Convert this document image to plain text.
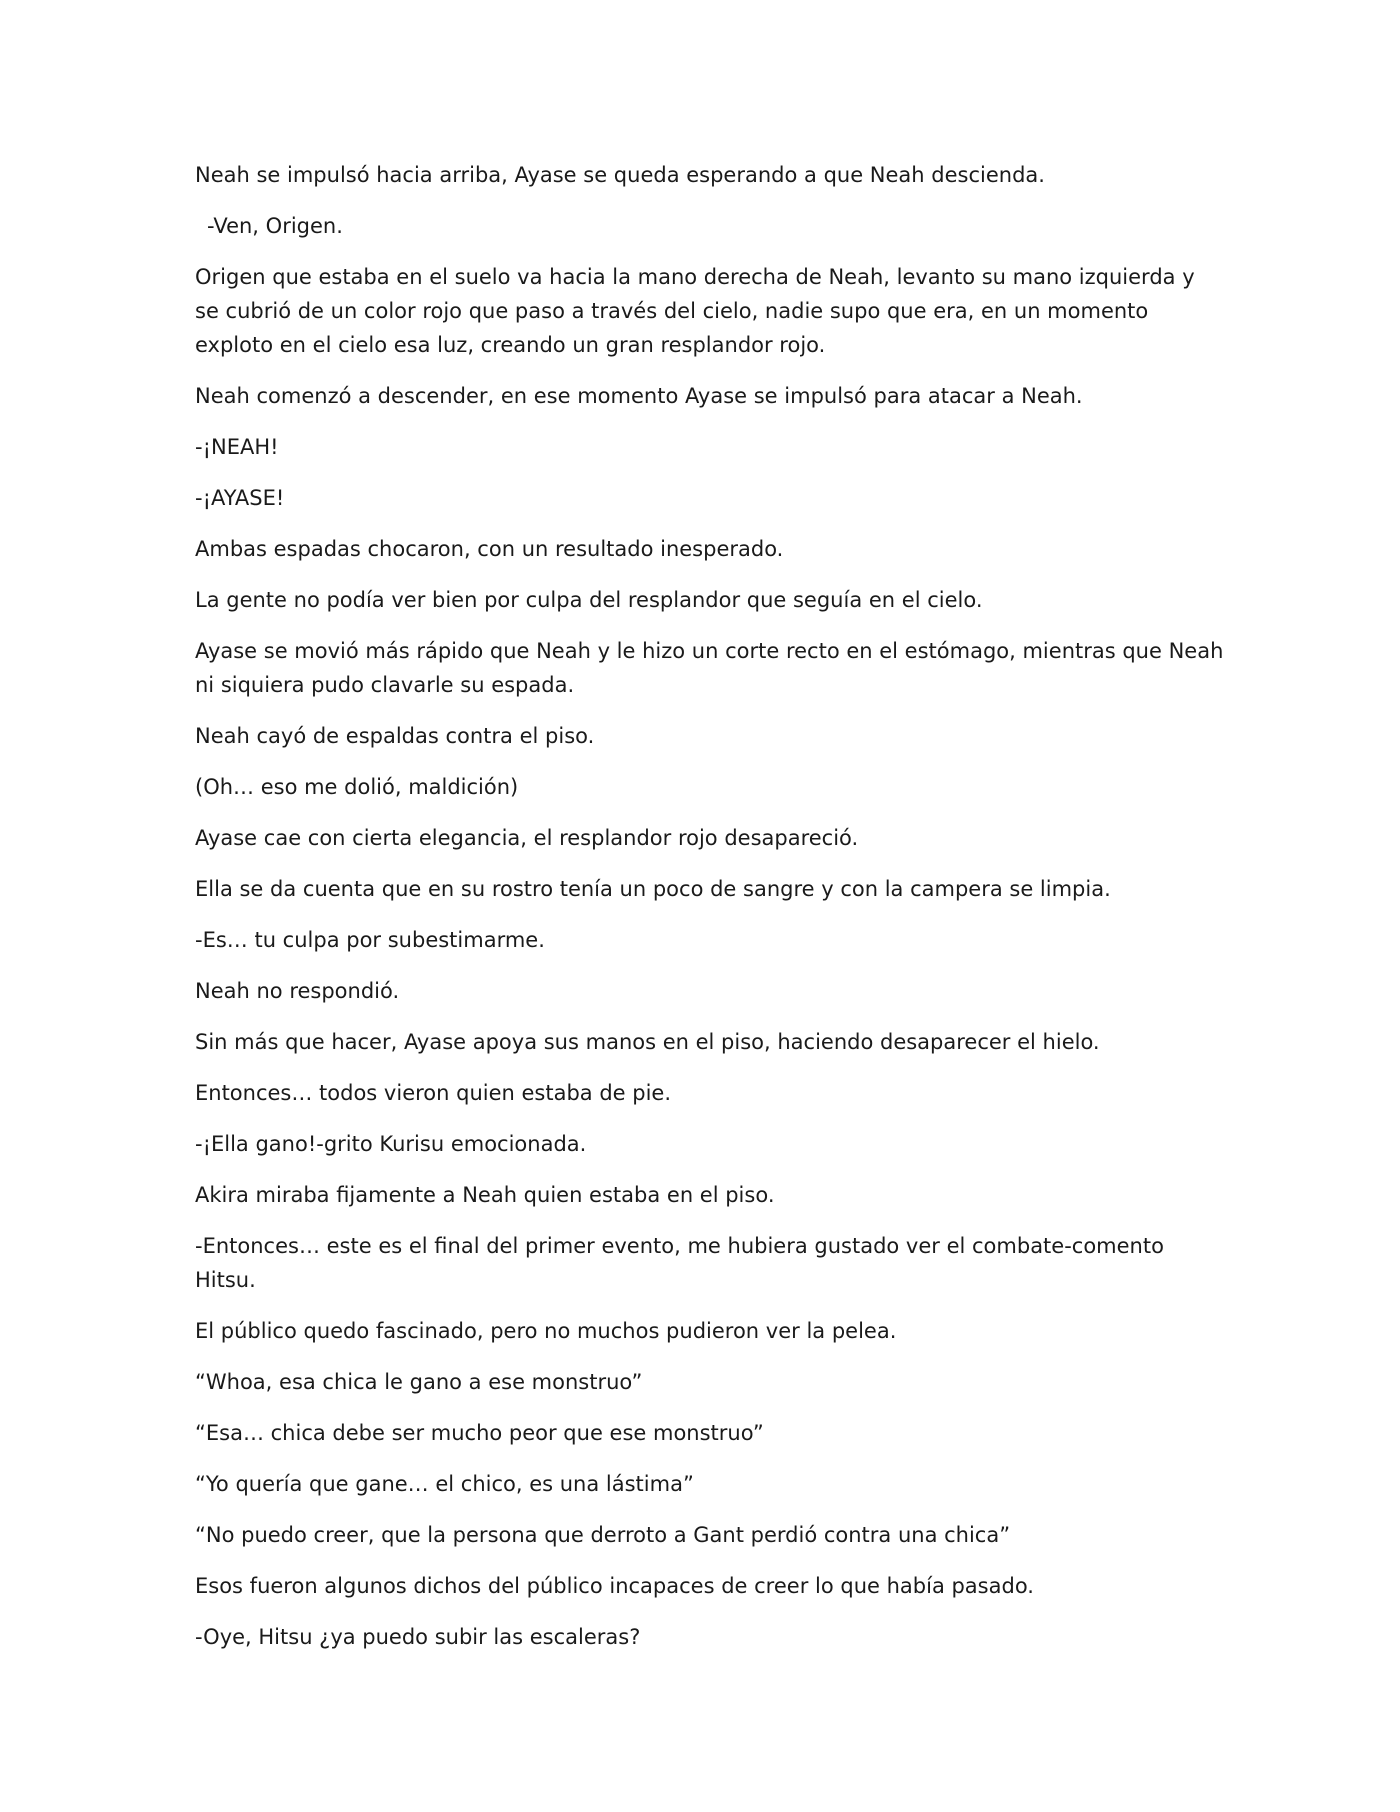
Neah se impulsó hacia arriba, Ayase se queda esperando a que Neah descienda.

-Ven, Origen.

Origen que estaba en el suelo va hacia la mano derecha de Neah, levanto su mano izquierda y se cubrió de un color rojo que paso a través del cielo, nadie supo que era, en un momento exploto en el cielo esa luz, creando un gran resplandor rojo.

Neah comenzó a descender, en ese momento Ayase se impulsó para atacar a Neah.

-¡NEAH!

-¡AYASE!

Ambas espadas chocaron, con un resultado inesperado.

La gente no podía ver bien por culpa del resplandor que seguía en el cielo.

Ayase se movió más rápido que Neah y le hizo un corte recto en el estómago, mientras que Neah ni siquiera pudo clavarle su espada.

Neah cayó de espaldas contra el piso.

(Oh… eso me dolió, maldición)

Ayase cae con cierta elegancia, el resplandor rojo desapareció.

Ella se da cuenta que en su rostro tenía un poco de sangre y con la campera se limpia.

-Es… tu culpa por subestimarme.

Neah no respondió.

Sin más que hacer, Ayase apoya sus manos en el piso, haciendo desaparecer el hielo.

Entonces… todos vieron quien estaba de pie.

-¡Ella gano!-grito Kurisu emocionada.

Akira miraba fijamente a Neah quien estaba en el piso.

-Entonces… este es el final del primer evento, me hubiera gustado ver el combate-comento Hitsu.

El público quedo fascinado, pero no muchos pudieron ver la pelea.

“Whoa, esa chica le gano a ese monstruo”

“Esa… chica debe ser mucho peor que ese monstruo”

“Yo quería que gane… el chico, es una lástima”

“No puedo creer, que la persona que derroto a Gant perdió contra una chica”

Esos fueron algunos dichos del público incapaces de creer lo que había pasado.

-Oye, Hitsu ¿ya puedo subir las escaleras?
